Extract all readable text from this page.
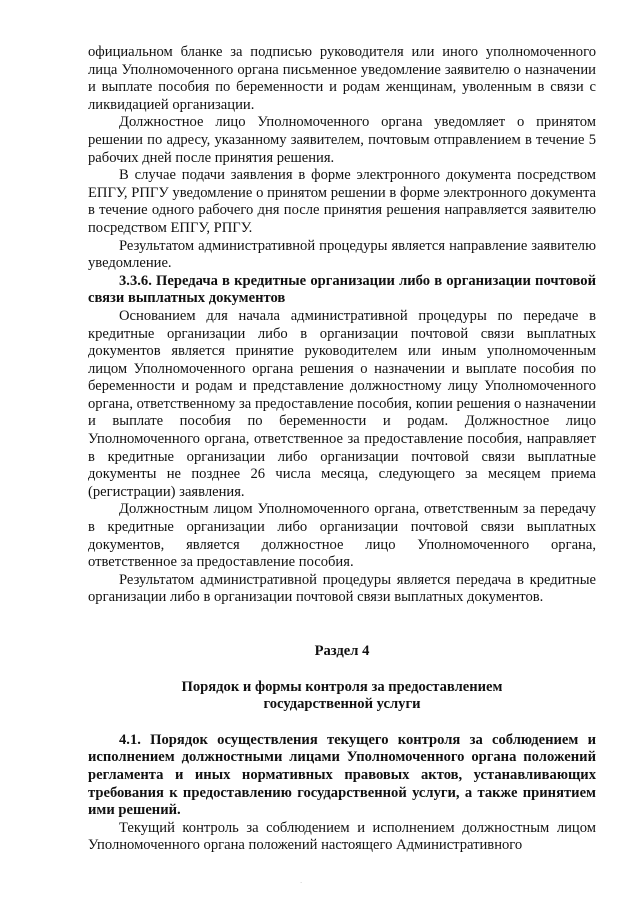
официальном бланке за подписью руководителя или иного уполномоченного лица Уполномоченного органа письменное уведомление заявителю о назначении и выплате пособия по беременности и родам женщинам, уволенным в связи с ликвидацией организации.

Должностное лицо Уполномоченного органа уведомляет о принятом решении по адресу, указанному заявителем, почтовым отправлением в течение 5 рабочих дней после принятия решения.

В случае подачи заявления в форме электронного документа посредством ЕПГУ, РПГУ уведомление о принятом решении в форме электронного документа в течение одного рабочего дня после принятия решения направляется заявителю посредством ЕПГУ, РПГУ.

Результатом административной процедуры является направление заявителю уведомление.

3.3.6. Передача в кредитные организации либо в организации почтовой связи выплатных документов

Основанием для начала административной процедуры по передаче в кредитные организации либо в организации почтовой связи выплатных документов является принятие руководителем или иным уполномоченным лицом Уполномоченного органа решения о назначении и выплате пособия по беременности и родам и представление должностному лицу Уполномоченного органа, ответственному за предоставление пособия, копии решения о назначении и выплате пособия по беременности и родам. Должностное лицо Уполномоченного органа, ответственное за предоставление пособия, направляет в кредитные организации либо организации почтовой связи выплатные документы не позднее 26 числа месяца, следующего за месяцем приема (регистрации) заявления.

Должностным лицом Уполномоченного органа, ответственным за передачу в кредитные организации либо организации почтовой связи выплатных документов, является должностное лицо Уполномоченного органа, ответственное за предоставление пособия.

Результатом административной процедуры является передача в кредитные организации либо в организации почтовой связи выплатных документов.

Раздел 4

Порядок и формы контроля за предоставлением

государственной услуги

4.1. Порядок осуществления текущего контроля за соблюдением и исполнением должностными лицами Уполномоченного органа положений регламента и иных нормативных правовых актов, устанавливающих требования к предоставлению государственной услуги, а также принятием ими решений.

Текущий контроль за соблюдением и исполнением должностным лицом Уполномоченного органа положений настоящего Административного

.
